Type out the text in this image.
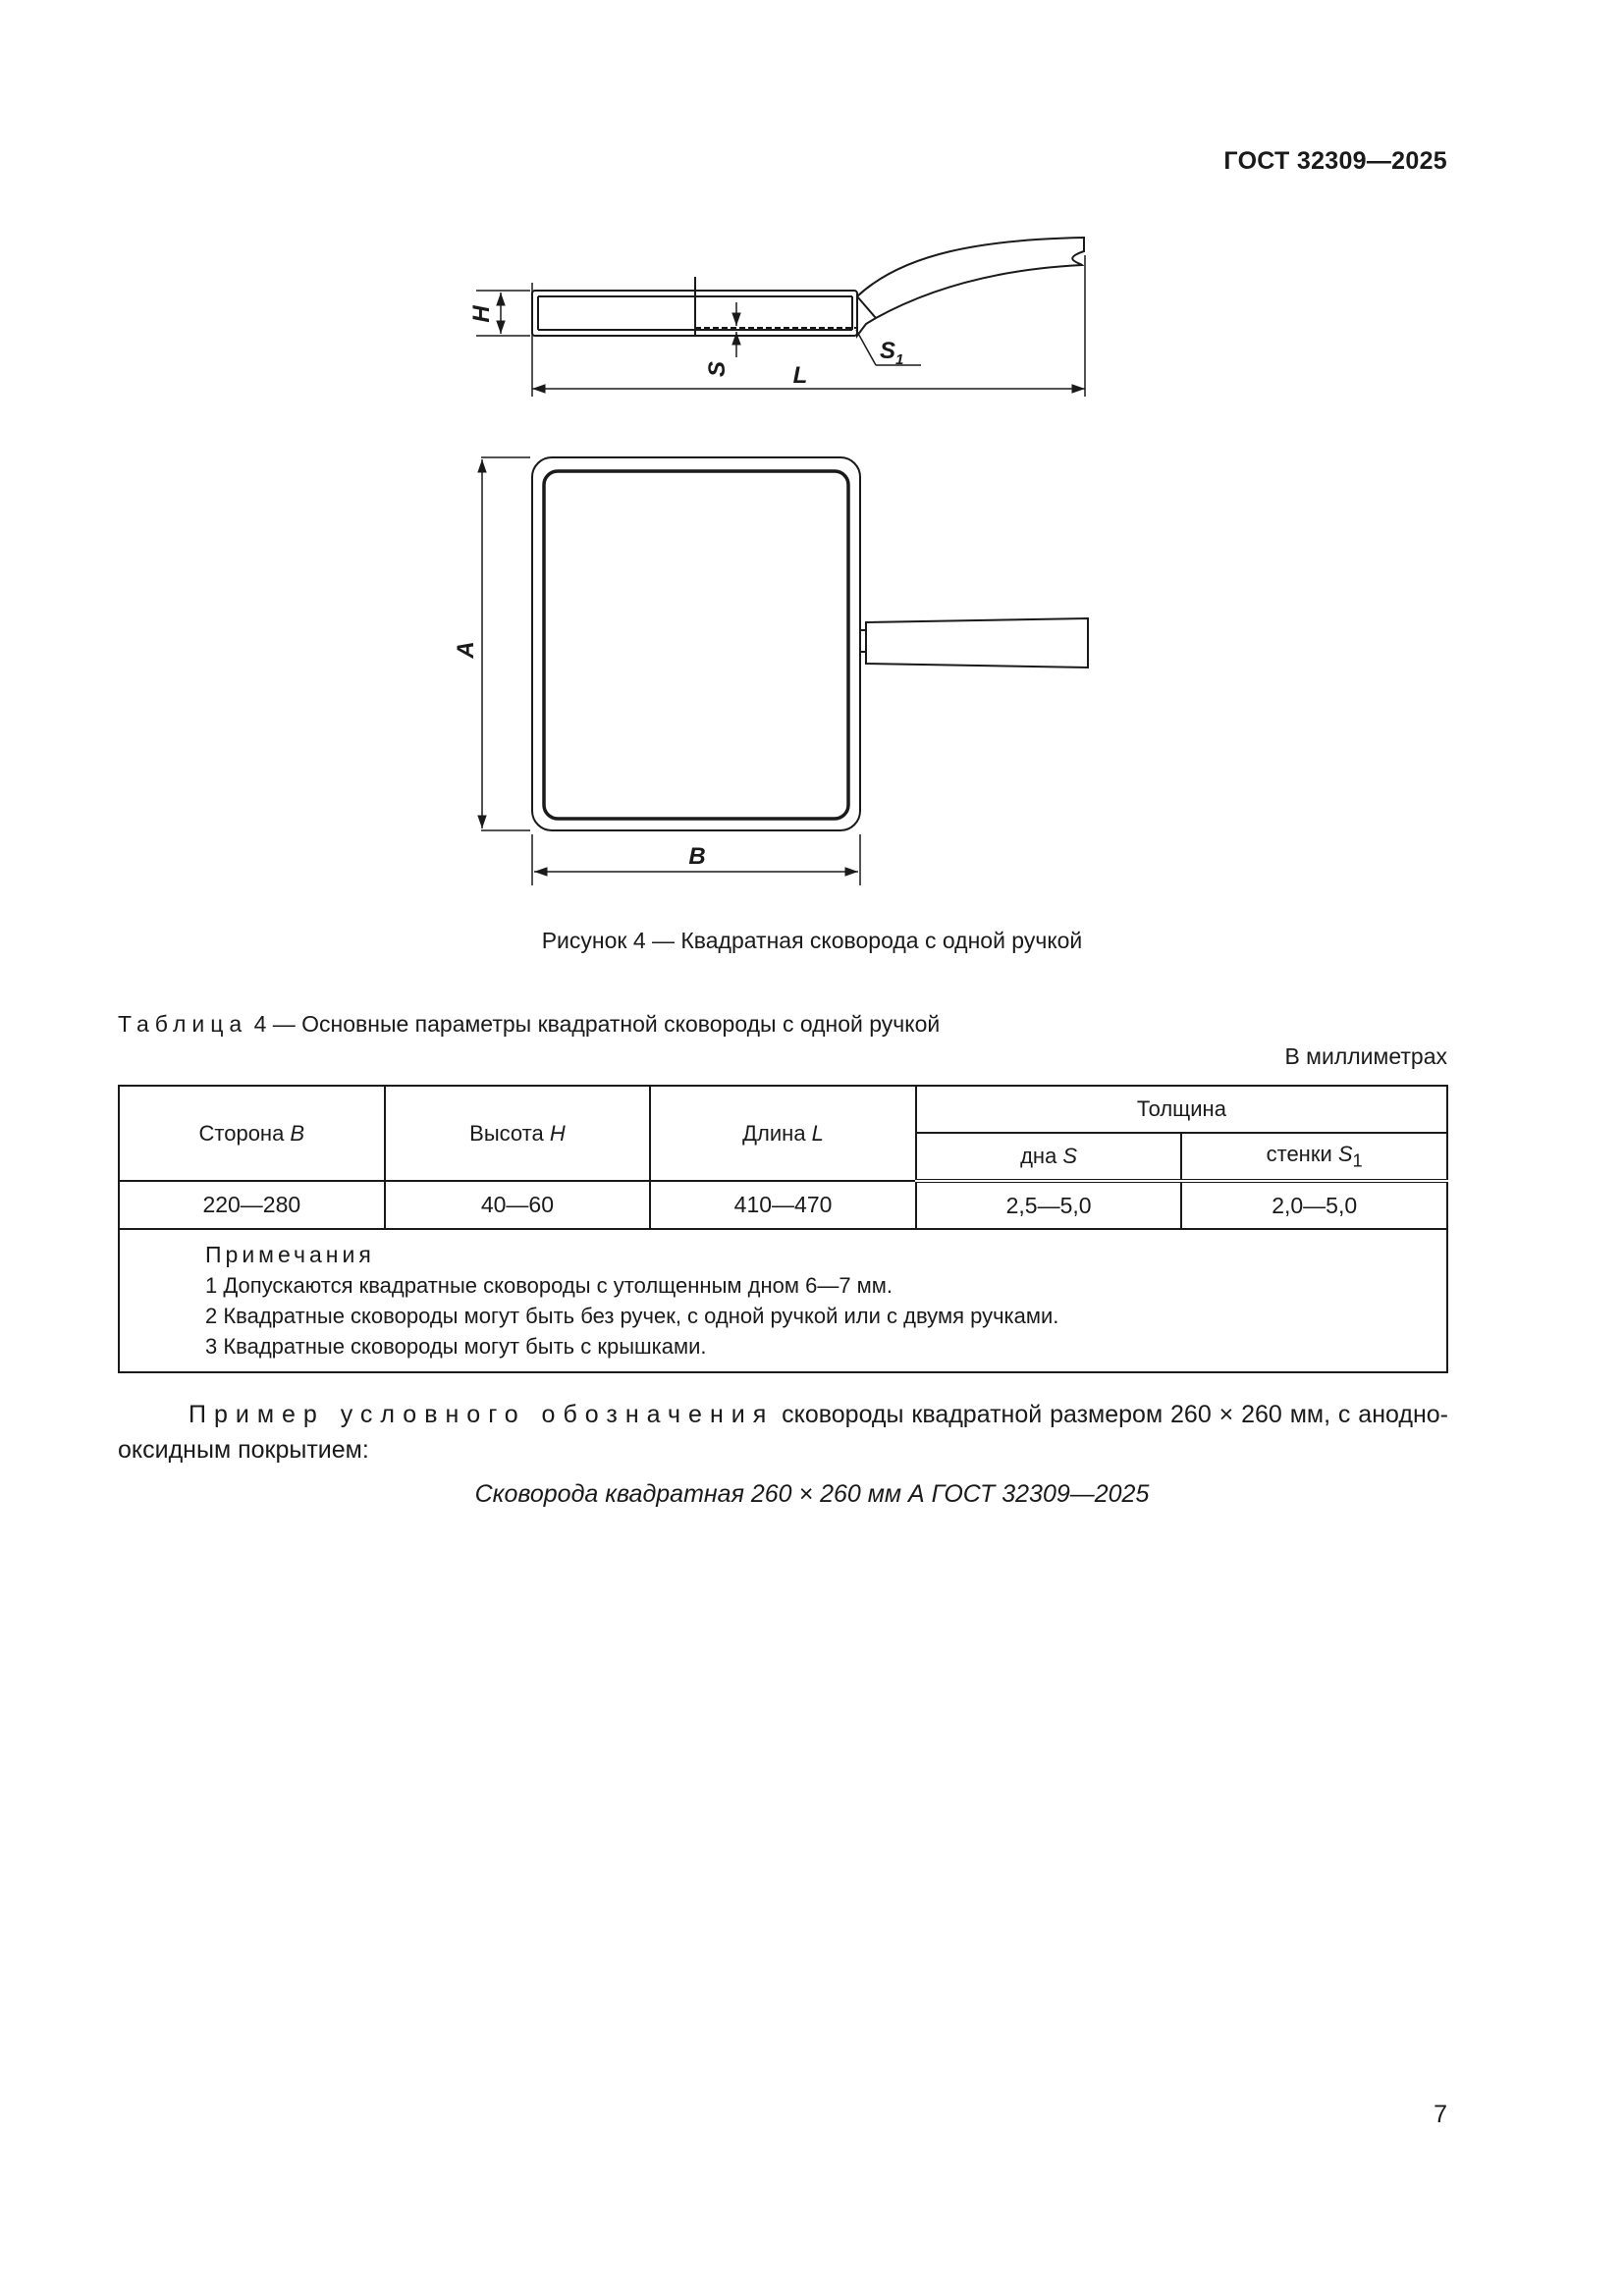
ГОСТ 32309—2025
H
S
$S_1$
L
A
B
Рисунок 4 — Квадратная сковорода с одной ручкой
Таблица 4 — Основные параметры квадратной сковороды с одной ручкой
В миллиметрах
Сторона B	Высота H	Длина L	Толщина	
			дна S	стенки $S_1$
220—280	40—60	410—470	2,5—5,0	2,0—5,0

Примечания
1 Допускаются квадратные сковороды с утолщенным дном 6—7 мм.
2 Квадратные сковороды могут быть без ручек, с одной ручкой или с двумя ручками.
3 Квадратные сковороды могут быть с крышками.				
Пример условного обозначения сковороды квадратной размером 260 × 260 мм, с анодно-оксидным покрытием:
Сковорода квадратная 260 × 260 мм А ГОСТ 32309—2025
7
